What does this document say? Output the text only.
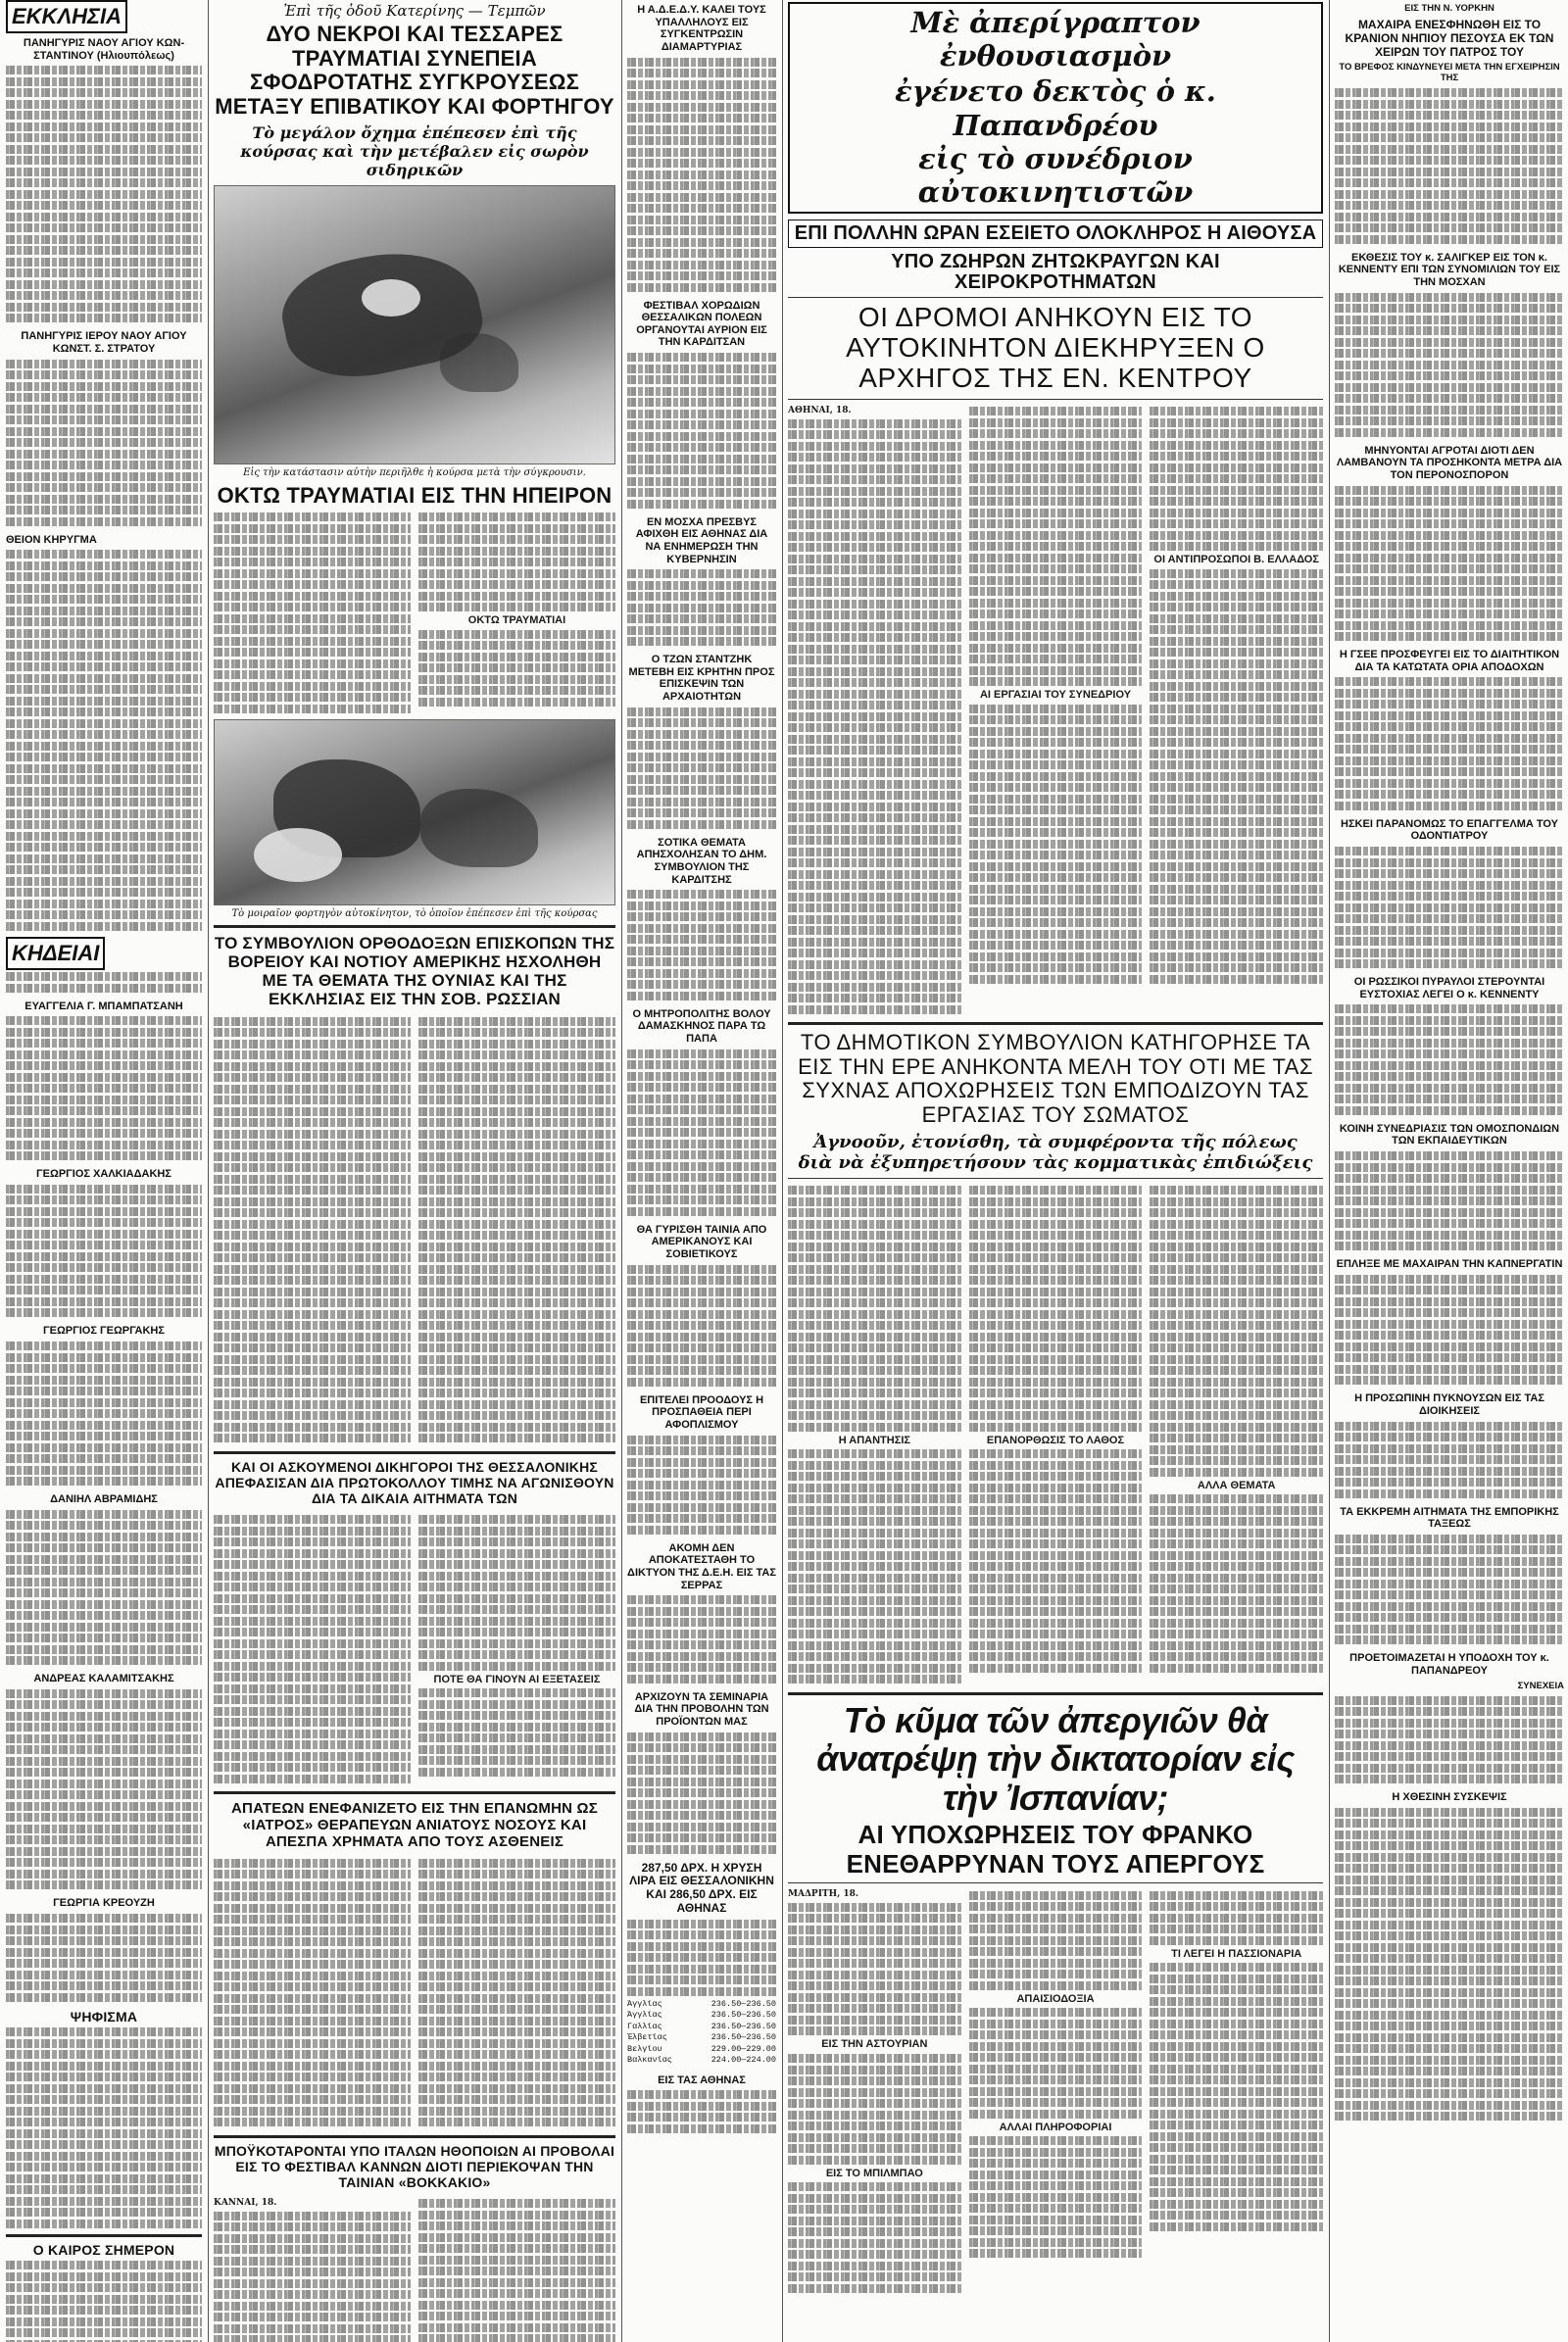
ΕΚΚΛΗΣΙΑ
ΠΑΝΗΓΥΡΙΣ ΝΑΟΥ ΑΓΙΟΥ ΚΩΝ-ΣΤΑΝΤΙΝΟΥ (Ηλιουπόλεως)
ΠΑΝΗΓΥΡΙΣ ΙΕΡΟΥ ΝΑΟΥ ΑΓΙΟΥ ΚΩΝΣΤ. Σ. ΣΤΡΑΤΟΥ
ΘΕΙΟΝ ΚΗΡΥΓΜΑ
ΚΗΔΕΙΑΙ
ΕΥΑΓΓΕΛΙΑ Γ. ΜΠΑΜΠΑΤΣΑΝΗ
ΓΕΩΡΓΙΟΣ ΧΑΛΚΙΑΔΑΚΗΣ
ΓΕΩΡΓΙΟΣ ΓΕΩΡΓΑΚΗΣ
ΔΑΝΙΗΛ ΑΒΡΑΜΙΔΗΣ
ΑΝΔΡΕΑΣ ΚΑΛΑΜΙΤΣΑΚΗΣ
ΓΕΩΡΓΙΑ ΚΡΕΟΥΖΗ
ΨΗΦΙΣΜΑ
Ο ΚΑΙΡΟΣ ΣΗΜΕΡΟΝ
Ἐπὶ τῆς ὁδοῦ Κατερίνης — Τεμπῶν
ΔΥΟ ΝΕΚΡΟΙ ΚΑΙ ΤΕΣΣΑΡΕΣ ΤΡΑΥΜΑΤΙΑΙ ΣΥΝΕΠΕΙΑ ΣΦΟΔΡΟΤΑΤΗΣ ΣΥΓΚΡΟΥΣΕΩΣ ΜΕΤΑΞΥ ΕΠΙΒΑΤΙΚΟΥ ΚΑΙ ΦΟΡΤΗΓΟΥ
Τὸ μεγάλον ὄχημα ἐπέπεσεν ἐπὶ τῆς κούρσας καὶ τὴν μετέβαλεν εἰς σωρὸν σιδηρικῶν
Εἰς τὴν κατάστασιν αὐτὴν περιῆλθε ἡ κούρσα μετὰ τὴν σύγκρουσιν.
ΟΚΤΩ ΤΡΑΥΜΑΤΙΑΙ ΕΙΣ ΤΗΝ ΗΠΕΙΡΟΝ
ΟΚΤΩ ΤΡΑΥΜΑΤΙΑΙ
Τὸ μοιραῖον φορτηγὸν αὐτοκίνητον, τὸ ὁποῖον ἐπέπεσεν ἐπὶ τῆς κούρσας
ΤΟ ΣΥΜΒΟΥΛΙΟΝ ΟΡΘΟΔΟΞΩΝ ΕΠΙΣΚΟΠΩΝ ΤΗΣ ΒΟΡΕΙΟΥ ΚΑΙ ΝΟΤΙΟΥ ΑΜΕΡΙΚΗΣ ΗΣΧΟΛΗΘΗ ΜΕ ΤΑ ΘΕΜΑΤΑ ΤΗΣ ΟΥΝΙΑΣ ΚΑΙ ΤΗΣ ΕΚΚΛΗΣΙΑΣ ΕΙΣ ΤΗΝ ΣΟΒ. ΡΩΣΣΙΑΝ
ΚΑΙ ΟΙ ΑΣΚΟΥΜΕΝΟΙ ΔΙΚΗΓΟΡΟΙ ΤΗΣ ΘΕΣΣΑΛΟΝΙΚΗΣ ΑΠΕΦΑΣΙΣΑΝ ΔΙΑ ΠΡΩΤΟΚΟΛΛΟΥ ΤΙΜΗΣ ΝΑ ΑΓΩΝΙΣΘΟΥΝ ΔΙΑ ΤΑ ΔΙΚΑΙΑ ΑΙΤΗΜΑΤΑ ΤΩΝ
ΠΟΤΕ ΘΑ ΓΙΝΟΥΝ ΑΙ ΕΞΕΤΑΣΕΙΣ
ΑΠΑΤΕΩΝ ΕΝΕΦΑΝΙΖΕΤΟ ΕΙΣ ΤΗΝ ΕΠΑΝΩΜΗΝ ΩΣ «ΙΑΤΡΟΣ» ΘΕΡΑΠΕΥΩΝ ΑΝΙΑΤΟΥΣ ΝΟΣΟΥΣ ΚΑΙ ΑΠΕΣΠΑ ΧΡΗΜΑΤΑ ΑΠΟ ΤΟΥΣ ΑΣΘΕΝΕΙΣ
ΜΠΟΫΚΟΤΑΡΟΝΤΑΙ ΥΠΟ ΙΤΑΛΩΝ ΗΘΟΠΟΙΩΝ ΑΙ ΠΡΟΒΟΛΑΙ ΕΙΣ ΤΟ ΦΕΣΤΙΒΑΛ ΚΑΝΝΩΝ ΔΙΟΤΙ ΠΕΡΙΕΚΟΨΑΝ ΤΗΝ ΤΑΙΝΙΑΝ «ΒΟΚΚΑΚΙΟ»
ΚΑΝΝΑΙ, 18.
Η Α.Δ.Ε.Δ.Υ. ΚΑΛΕΙ ΤΟΥΣ ΥΠΑΛΛΗΛΟΥΣ ΕΙΣ ΣΥΓΚΕΝΤΡΩΣΙΝ ΔΙΑΜΑΡΤΥΡΙΑΣ
ΦΕΣΤΙΒΑΛ ΧΟΡΩΔΙΩΝ ΘΕΣΣΑΛΙΚΩΝ ΠΟΛΕΩΝ ΟΡΓΑΝΟΥΤΑΙ ΑΥΡΙΟΝ ΕΙΣ ΤΗΝ ΚΑΡΔΙΤΣΑΝ
ΕΝ ΜΟΣΧΑ ΠΡΕΣΒΥΣ ΑΦΙΧΘΗ ΕΙΣ ΑΘΗΝΑΣ ΔΙΑ ΝΑ ΕΝΗΜΕΡΩΣΗ ΤΗΝ ΚΥΒΕΡΝΗΣΙΝ
Ο ΤΖΩΝ ΣΤΑΝΤΖΗΚ ΜΕΤΕΒΗ ΕΙΣ ΚΡΗΤΗΝ ΠΡΟΣ ΕΠΙΣΚΕΨΙΝ ΤΩΝ ΑΡΧΑΙΟΤΗΤΩΝ
ΣΟΤΙΚΑ ΘΕΜΑΤΑ ΑΠΗΣΧΟΛΗΣΑΝ ΤΟ ΔΗΜ. ΣΥΜΒΟΥΛΙΟΝ ΤΗΣ ΚΑΡΔΙΤΣΗΣ
Ο ΜΗΤΡΟΠΟΛΙΤΗΣ ΒΟΛΟΥ ΔΑΜΑΣΚΗΝΟΣ ΠΑΡΑ ΤΩ ΠΑΠΑ
ΘΑ ΓΥΡΙΣΘΗ ΤΑΙΝΙΑ ΑΠΟ ΑΜΕΡΙΚΑΝΟΥΣ ΚΑΙ ΣΟΒΙΕΤΙΚΟΥΣ
ΕΠΙΤΕΛΕΙ ΠΡΟΟΔΟΥΣ Η ΠΡΟΣΠΑΘΕΙΑ ΠΕΡΙ ΑΦΟΠΛΙΣΜΟΥ
ΑΚΟΜΗ ΔΕΝ ΑΠΟΚΑΤΕΣΤΑΘΗ ΤΟ ΔΙΚΤΥΟΝ ΤΗΣ Δ.Ε.Η. ΕΙΣ ΤΑΣ ΣΕΡΡΑΣ
ΑΡΧΙΖΟΥΝ ΤΑ ΣΕΜΙΝΑΡΙΑ ΔΙΑ ΤΗΝ ΠΡΟΒΟΛΗΝ ΤΩΝ ΠΡΟΪΟΝΤΩΝ ΜΑΣ
287,50 ΔΡΧ. Η ΧΡΥΣΗ ΛΙΡΑ ΕΙΣ ΘΕΣΣΑΛΟΝΙΚΗΝ ΚΑΙ 286,50 ΔΡΧ. ΕΙΣ ΑΘΗΝΑΣ
Ἀγγλίας	236.50—236.50
Ἀγγλίας	236.50—236.50
Γαλλίας	236.50—236.50
Ἑλβετίας	236.50—236.50
Βελγίου	229.00—229.00
Βαλκανίας	224.00—224.00
ΕΙΣ ΤΑΣ ΑΘΗΝΑΣ
Μὲ ἀπερίγραπτον ἐνθουσιασμὸν
ἐγένετο δεκτὸς ὁ κ. Παπανδρέου
εἰς τὸ συνέδριον αὐτοκινητιστῶν
ΕΠΙ ΠΟΛΛΗΝ ΩΡΑΝ ΕΣΕΙΕΤΟ ΟΛΟΚΛΗΡΟΣ Η ΑΙΘΟΥΣΑ
ΥΠΟ ΖΩΗΡΩΝ ΖΗΤΩΚΡΑΥΓΩΝ ΚΑΙ ΧΕΙΡΟΚΡΟΤΗΜΑΤΩΝ
ΟΙ ΔΡΟΜΟΙ ΑΝΗΚΟΥΝ ΕΙΣ ΤΟ ΑΥΤΟΚΙΝΗΤΟΝ ΔΙΕΚΗΡΥΞΕΝ Ο ΑΡΧΗΓΟΣ ΤΗΣ ΕΝ. ΚΕΝΤΡΟΥ
ΑΘΗΝΑΙ, 18.
ΑΙ ΕΡΓΑΣΙΑΙ ΤΟΥ ΣΥΝΕΔΡΙΟΥ
ΟΙ ΑΝΤΙΠΡΟΣΩΠΟΙ Β. ΕΛΛΑΔΟΣ
ΤΟ ΔΗΜΟΤΙΚΟΝ ΣΥΜΒΟΥΛΙΟΝ ΚΑΤΗΓΟΡΗΣΕ ΤΑ ΕΙΣ ΤΗΝ ΕΡΕ ΑΝΗΚΟΝΤΑ ΜΕΛΗ ΤΟΥ ΟΤΙ ΜΕ ΤΑΣ ΣΥΧΝΑΣ ΑΠΟΧΩΡΗΣΕΙΣ ΤΩΝ ΕΜΠΟΔΙΖΟΥΝ ΤΑΣ ΕΡΓΑΣΙΑΣ ΤΟΥ ΣΩΜΑΤΟΣ
Ἀγνοοῦν, ἐτονίσθη, τὰ συμφέροντα τῆς πόλεως
διὰ νὰ ἐξυπηρετήσουν τὰς κομματικὰς ἐπιδιώξεις
Η ΑΠΑΝΤΗΣΙΣ	ΕΠΑΝΟΡΘΩΣΙΣ ΤΟ ΛΑΘΟΣ
ΑΛΛΑ ΘΕΜΑΤΑ
Τὸ κῦμα τῶν ἀπεργιῶν θὰ ἀνατρέψῃ τὴν δικτατορίαν εἰς τὴν Ἰσπανίαν;
ΑΙ ΥΠΟΧΩΡΗΣΕΙΣ ΤΟΥ ΦΡΑΝΚΟ
ΕΝΕΘΑΡΡΥΝΑΝ ΤΟΥΣ ΑΠΕΡΓΟΥΣ
ΜΑΔΡΙΤΗ, 18.
ΕΙΣ ΤΗΝ ΑΣΤΟΥΡΙΑΝ
ΕΙΣ ΤΟ ΜΠΙΛΜΠΑΟ
ΑΠΑΙΣΙΟΔΟΞΙΑ
ΑΛΛΑΙ ΠΛΗΡΟΦΟΡΙΑΙ
ΤΙ ΛΕΓΕΙ Η ΠΑΣΣΙΟΝΑΡΙΑ
ΕΙΣ ΤΗΝ Ν. ΥΟΡΚΗΝ
ΜΑΧΑΙΡΑ ΕΝΕΣΦΗΝΩΘΗ ΕΙΣ ΤΟ ΚΡΑΝΙΟΝ ΝΗΠΙΟΥ ΠΕΣΟΥΣΑ ΕΚ ΤΩΝ ΧΕΙΡΩΝ ΤΟΥ ΠΑΤΡΟΣ ΤΟΥ
ΤΟ ΒΡΕΦΟΣ ΚΙΝΔΥΝΕΥΕΙ ΜΕΤΑ ΤΗΝ ΕΓΧΕΙΡΗΣΙΝ ΤΗΣ
ΕΚΘΕΣΙΣ ΤΟΥ κ. ΣΑΛΙΓΚΕΡ ΕΙΣ ΤΟΝ κ. ΚΕΝΝΕΝΤΥ ΕΠΙ ΤΩΝ ΣΥΝΟΜΙΛΙΩΝ ΤΟΥ ΕΙΣ ΤΗΝ ΜΟΣΧΑΝ
ΜΗΝΥΟΝΤΑΙ ΑΓΡΟΤΑΙ ΔΙΟΤΙ ΔΕΝ ΛΑΜΒΑΝΟΥΝ ΤΑ ΠΡΟΣΗΚΟΝΤΑ ΜΕΤΡΑ ΔΙΑ ΤΟΝ ΠΕΡΟΝΟΣΠΟΡΟΝ
Η ΓΣΕΕ ΠΡΟΣΦΕΥΓΕΙ ΕΙΣ ΤΟ ΔΙΑΙΤΗΤΙΚΟΝ ΔΙΑ ΤΑ ΚΑΤΩΤΑΤΑ ΟΡΙΑ ΑΠΟΔΟΧΩΝ
ΗΣΚΕΙ ΠΑΡΑΝΟΜΩΣ ΤΟ ΕΠΑΓΓΕΛΜΑ ΤΟΥ ΟΔΟΝΤΙΑΤΡΟΥ
ΟΙ ΡΩΣΣΙΚΟΙ ΠΥΡΑΥΛΟΙ ΣΤΕΡΟΥΝΤΑΙ ΕΥΣΤΟΧΙΑΣ ΛΕΓΕΙ Ο κ. ΚΕΝΝΕΝΤΥ
ΚΟΙΝΗ ΣΥΝΕΔΡΙΑΣΙΣ ΤΩΝ ΟΜΟΣΠΟΝΔΙΩΝ ΤΩΝ ΕΚΠΑΙΔΕΥΤΙΚΩΝ
ΕΠΛΗΞΕ ΜΕ ΜΑΧΑΙΡΑΝ ΤΗΝ ΚΑΠΝΕΡΓΑΤΙΝ
Η ΠΡΟΣΩΠΙΝΗ ΠΥΚΝΟΥΣΩΝ ΕΙΣ ΤΑΣ ΔΙΟΙΚΗΣΕΙΣ
ΤΑ ΕΚΚΡΕΜΗ ΑΙΤΗΜΑΤΑ ΤΗΣ ΕΜΠΟΡΙΚΗΣ ΤΑΞΕΩΣ
ΠΡΟΕΤΟΙΜΑΖΕΤΑΙ Η ΥΠΟΔΟΧΗ ΤΟΥ κ. ΠΑΠΑΝΔΡΕΟΥ
ΣΥΝΕΧΕΙΑ
Η ΧΘΕΣΙΝΗ ΣΥΣΚΕΨΙΣ
